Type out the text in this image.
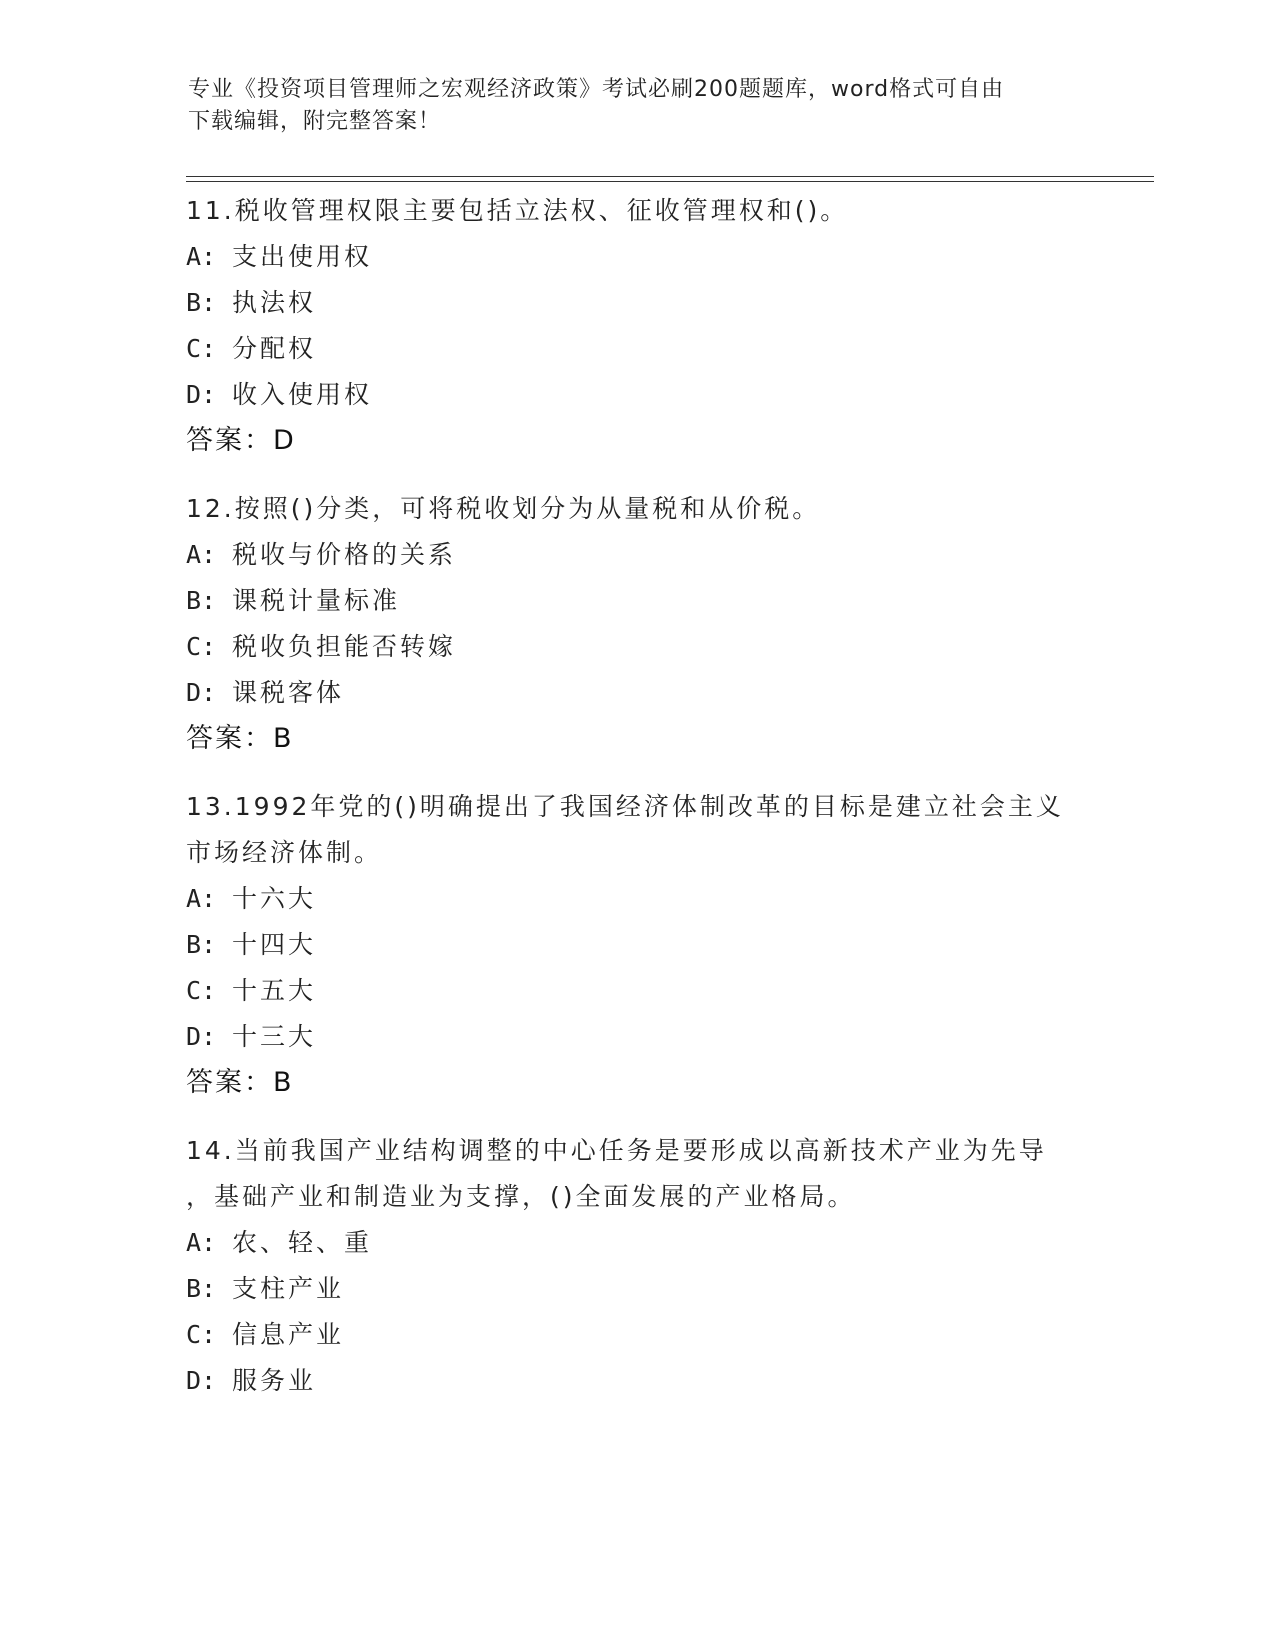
专业《投资项目管理师之宏观经济政策》考试必刷200题题库，word格式可自由
下载编辑，附完整答案！
11.税收管理权限主要包括立法权、征收管理权和()。
A: 支出使用权
B: 执法权
C: 分配权
D: 收入使用权
答案：D
12.按照()分类，可将税收划分为从量税和从价税。
A: 税收与价格的关系
B: 课税计量标准
C: 税收负担能否转嫁
D: 课税客体
答案：B
13.1992年党的()明确提出了我国经济体制改革的目标是建立社会主义
市场经济体制。
A: 十六大
B: 十四大
C: 十五大
D: 十三大
答案：B
14.当前我国产业结构调整的中心任务是要形成以高新技术产业为先导
，基础产业和制造业为支撑，()全面发展的产业格局。
A: 农、轻、重
B: 支柱产业
C: 信息产业
D: 服务业
